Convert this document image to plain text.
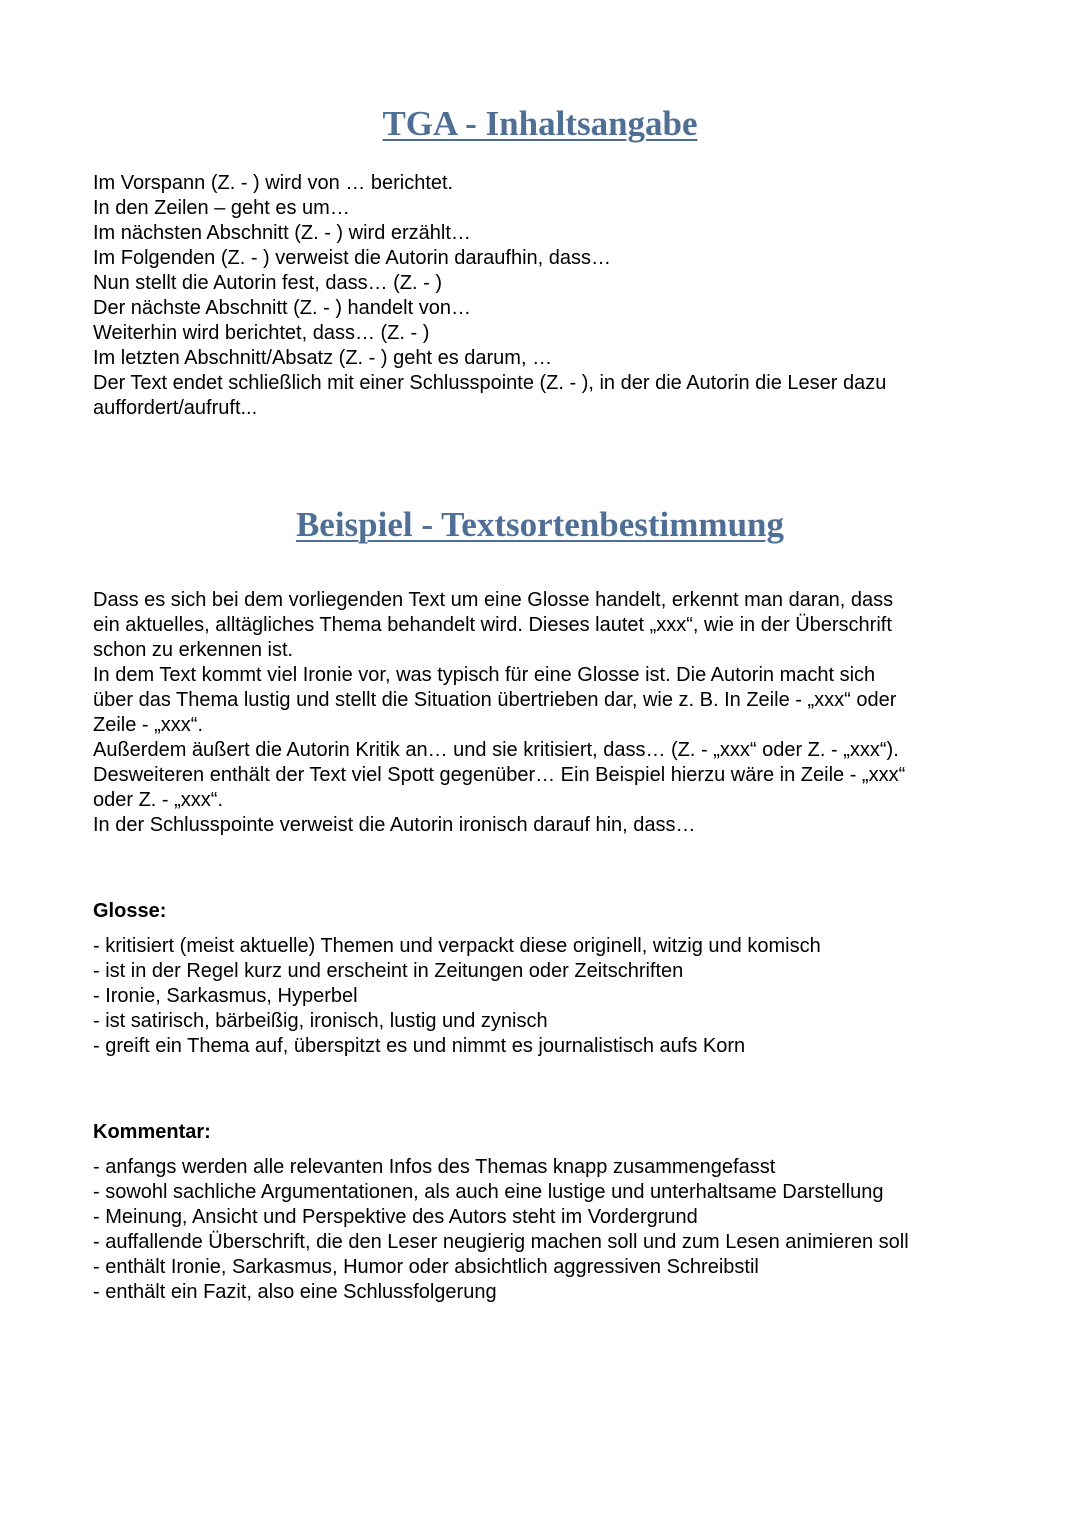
TGA - Inhaltsangabe
Im Vorspann (Z. - ) wird von … berichtet.
In den Zeilen – geht es um…
Im nächsten Abschnitt (Z. - ) wird erzählt…
Im Folgenden (Z. - ) verweist die Autorin daraufhin, dass…
Nun stellt die Autorin fest, dass… (Z. - )
Der nächste Abschnitt (Z. - ) handelt von…
Weiterhin wird berichtet, dass… (Z. - )
Im letzten Abschnitt/Absatz (Z. - ) geht es darum, …
Der Text endet schließlich mit einer Schlusspointe (Z. - ), in der die Autorin die Leser dazu
auffordert/aufruft...
Beispiel - Textsortenbestimmung
Dass es sich bei dem vorliegenden Text um eine Glosse handelt, erkennt man daran, dass
ein aktuelles, alltägliches Thema behandelt wird. Dieses lautet „xxx“, wie in der Überschrift
schon zu erkennen ist.
In dem Text kommt viel Ironie vor, was typisch für eine Glosse ist. Die Autorin macht sich
über das Thema lustig und stellt die Situation übertrieben dar, wie z. B. In Zeile - „xxx“ oder
Zeile - „xxx“.
Außerdem äußert die Autorin Kritik an… und sie kritisiert, dass… (Z. - „xxx“ oder Z. - „xxx“).
Desweiteren enthält der Text viel Spott gegenüber… Ein Beispiel hierzu wäre in Zeile - „xxx“
oder Z. - „xxx“.
In der Schlusspointe verweist die Autorin ironisch darauf hin, dass…
Glosse:
- kritisiert (meist aktuelle) Themen und verpackt diese originell, witzig und komisch
- ist in der Regel kurz und erscheint in Zeitungen oder Zeitschriften
- Ironie, Sarkasmus, Hyperbel
- ist satirisch, bärbeißig, ironisch, lustig und zynisch
- greift ein Thema auf, überspitzt es und nimmt es journalistisch aufs Korn
Kommentar:
- anfangs werden alle relevanten Infos des Themas knapp zusammengefasst
- sowohl sachliche Argumentationen, als auch eine lustige und unterhaltsame Darstellung
- Meinung, Ansicht und Perspektive des Autors steht im Vordergrund
- auffallende Überschrift, die den Leser neugierig machen soll und zum Lesen animieren soll
- enthält Ironie, Sarkasmus, Humor oder absichtlich aggressiven Schreibstil
- enthält ein Fazit, also eine Schlussfolgerung
